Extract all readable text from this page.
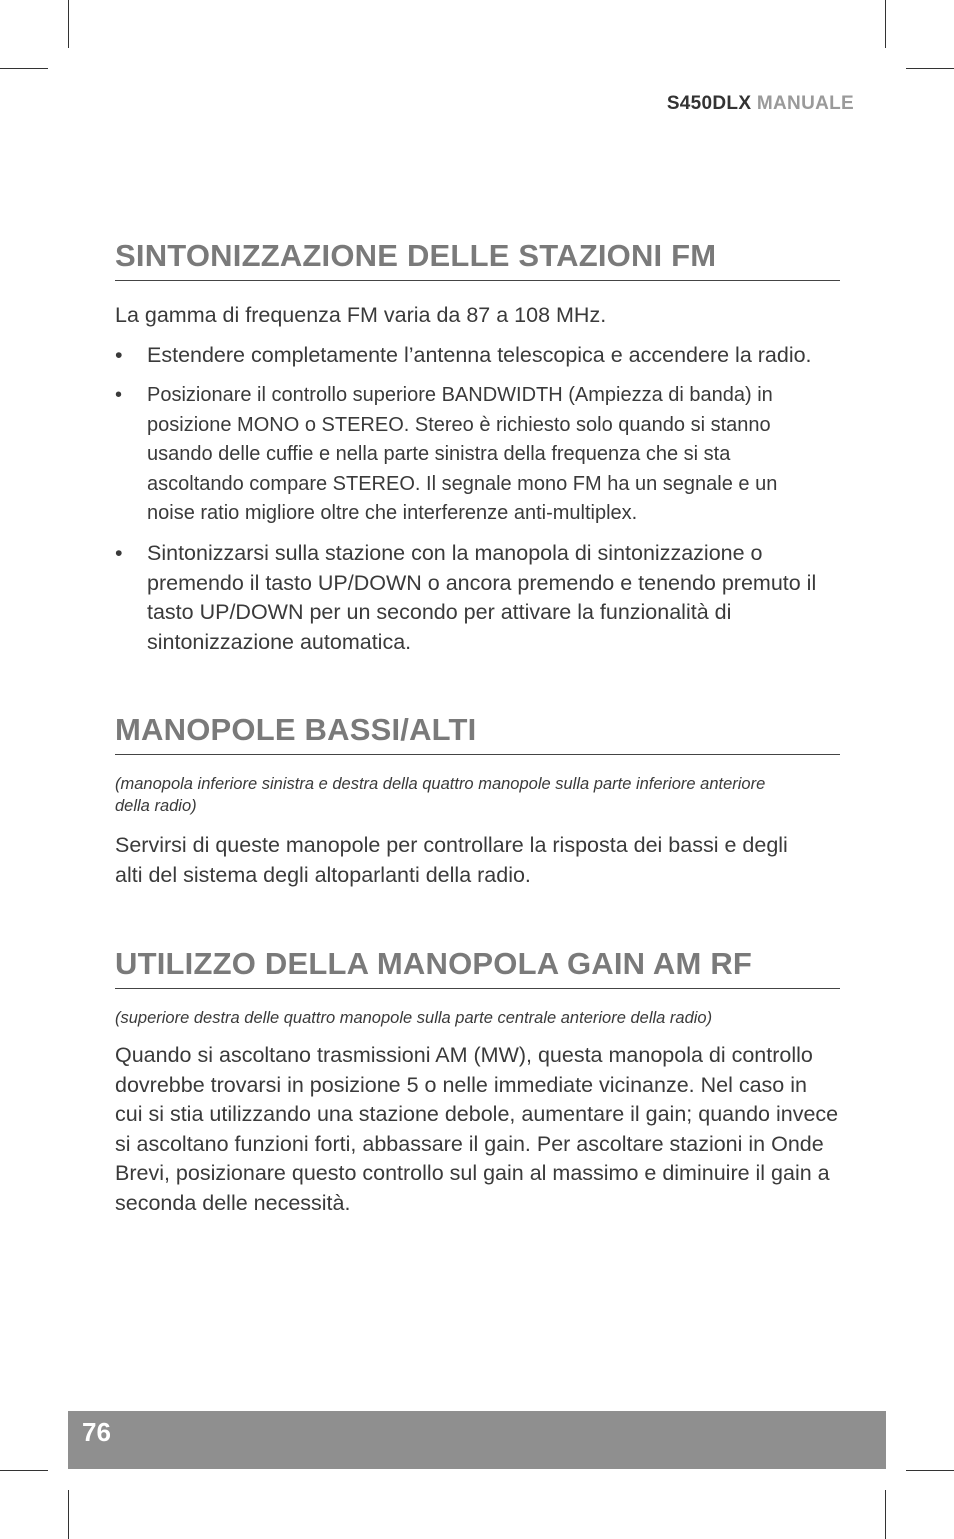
S450DLX MANUALE
SINTONIZZAZIONE DELLE STAZIONI FM

La gamma di frequenza FM varia da 87 a 108 MHz.

•	Estendere completamente l’antenna telescopica e accendere la radio.
•	Posizionare il controllo superiore BANDWIDTH (Ampiezza di banda) in posizione MONO o STEREO. Stereo è richiesto solo quando si stanno usando delle cuffie e nella parte sinistra della frequenza che si sta ascoltando compare STEREO. Il segnale mono FM ha un segnale e un noise ratio migliore oltre che interferenze anti-multiplex.
•	Sintonizzarsi sulla stazione con la manopola di sintonizzazione o premendo il tasto UP/DOWN o ancora premendo e tenendo premuto il tasto UP/DOWN per un secondo per attivare la funzionalità di sintonizzazione automatica.
MANOPOLE BASSI/ALTI

(manopola inferiore sinistra e destra della quattro manopole sulla parte inferiore anteriore della radio)

Servirsi di queste manopole per controllare la risposta dei bassi e degli alti del sistema degli altoparlanti della radio.

UTILIZZO DELLA MANOPOLA GAIN AM RF

(superiore destra delle quattro manopole sulla parte centrale anteriore della radio)

Quando si ascoltano trasmissioni AM (MW), questa manopola di controllo dovrebbe trovarsi in posizione 5 o nelle immediate vicinanze. Nel caso in cui si stia utilizzando una stazione debole, aumentare il gain; quando invece si ascoltano funzioni forti, abbassare il gain. Per ascoltare stazioni in Onde Brevi, posizionare questo controllo sul gain al massimo e diminuire il gain a seconda delle necessità.

76
